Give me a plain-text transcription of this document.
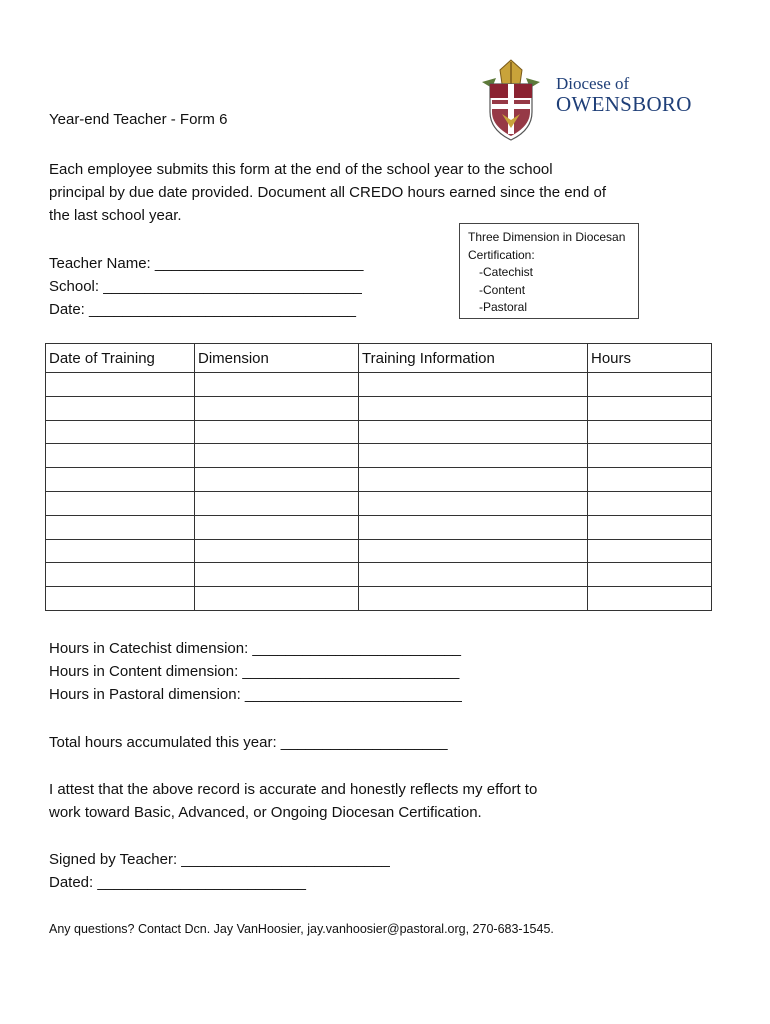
Diocese of
OWENSBORO
Year-end Teacher - Form 6
Each employee submits this form at the end of the school year to the school
principal by due date provided. Document all CREDO hours earned since the end of
the last school year.
Teacher Name: _________________________
School: _______________________________
Date: ________________________________
Three Dimension in Diocesan
Certification:
-Catechist
-Content
-Pastoral
Date of Training	Dimension	Training Information	Hours

Hours in Catechist dimension: _________________________
Hours in Content dimension: __________________________
Hours in Pastoral dimension: __________________________
Total hours accumulated this year: ____________________
I attest that the above record is accurate and honestly reflects my effort to
work toward Basic, Advanced, or Ongoing Diocesan Certification.
Signed by Teacher: _________________________
Dated: _________________________
Any questions? Contact Dcn. Jay VanHoosier, jay.vanhoosier@pastoral.org, 270-683-1545.
